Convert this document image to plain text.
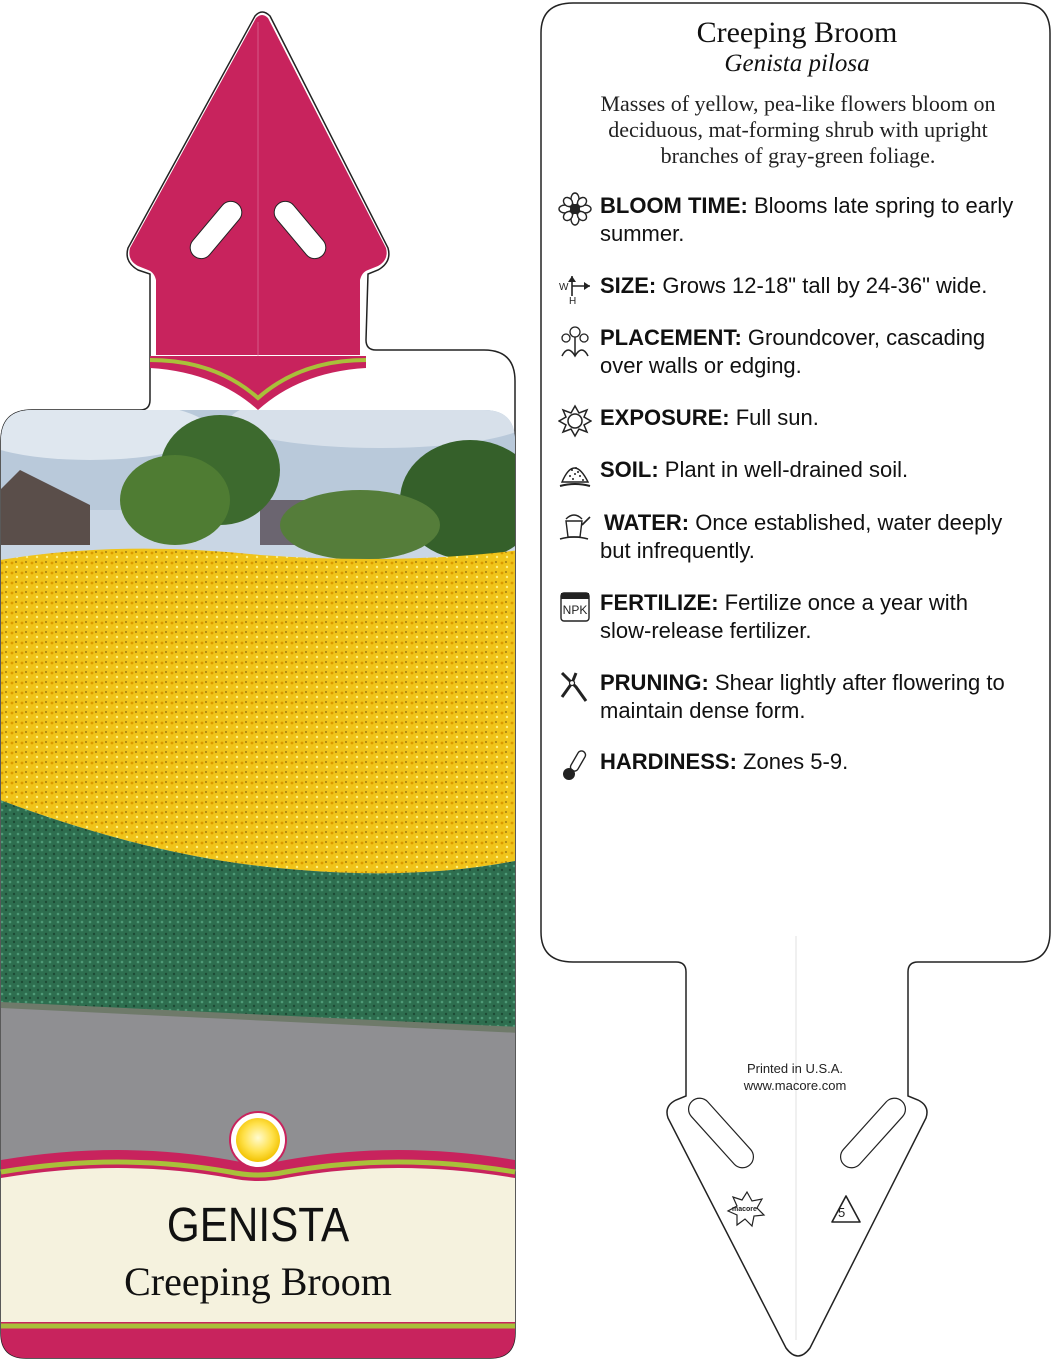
GENISTA
Creeping Broom
Creeping Broom
Genista pilosa
Masses of yellow, pea-like flowers bloom on deciduous, mat-forming shrub with upright branches of gray-green foliage.
BLOOM TIME: Blooms late spring to early
summer.
W
H
SIZE: Grows 12-18" tall by 24-36" wide.
PLACEMENT: Groundcover, cascading
over walls or edging.
EXPOSURE: Full sun.
SOIL: Plant in well-drained soil.
WATER: Once established, water deeply
but infrequently.
NPK FERTILIZE: Fertilize once a year with
slow-release fertilizer.
PRUNING: Shear lightly after flowering to
maintain dense form.
HARDINESS: Zones 5-9.
Printed in U.S.A.
www.macore.com
macore	5
